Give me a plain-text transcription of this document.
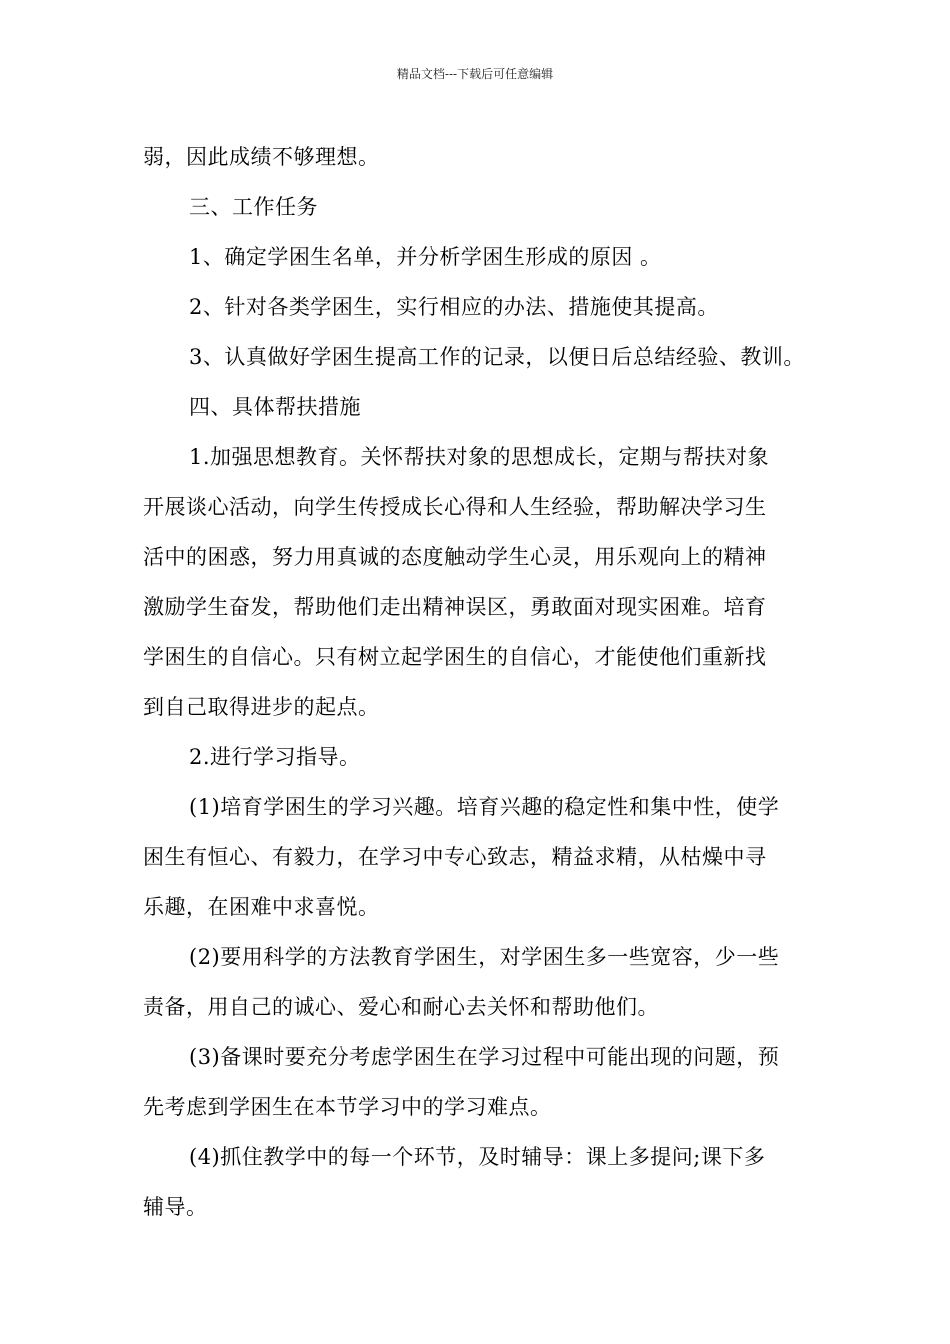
精品文档---下载后可任意编辑

弱，因此成绩不够理想。

三、工作任务

1、确定学困生名单，并分析学困生形成的原因 。

2、针对各类学困生，实行相应的办法、措施使其提高。

3、认真做好学困生提高工作的记录，以便日后总结经验、教训。

四、具体帮扶措施

1.加强思想教育。关怀帮扶对象的思想成长，定期与帮扶对象

开展谈心活动，向学生传授成长心得和人生经验，帮助解决学习生

活中的困惑，努力用真诚的态度触动学生心灵，用乐观向上的精神

激励学生奋发，帮助他们走出精神误区，勇敢面对现实困难。培育

学困生的自信心。只有树立起学困生的自信心，才能使他们重新找

到自己取得进步的起点。

2.进行学习指导。

(1)培育学困生的学习兴趣。培育兴趣的稳定性和集中性，使学

困生有恒心、有毅力，在学习中专心致志，精益求精，从枯燥中寻

乐趣，在困难中求喜悦。

(2)要用科学的方法教育学困生，对学困生多一些宽容，少一些

责备，用自己的诚心、爱心和耐心去关怀和帮助他们。

(3)备课时要充分考虑学困生在学习过程中可能出现的问题，预

先考虑到学困生在本节学习中的学习难点。

(4)抓住教学中的每一个环节，及时辅导：课上多提问;课下多

辅导。
